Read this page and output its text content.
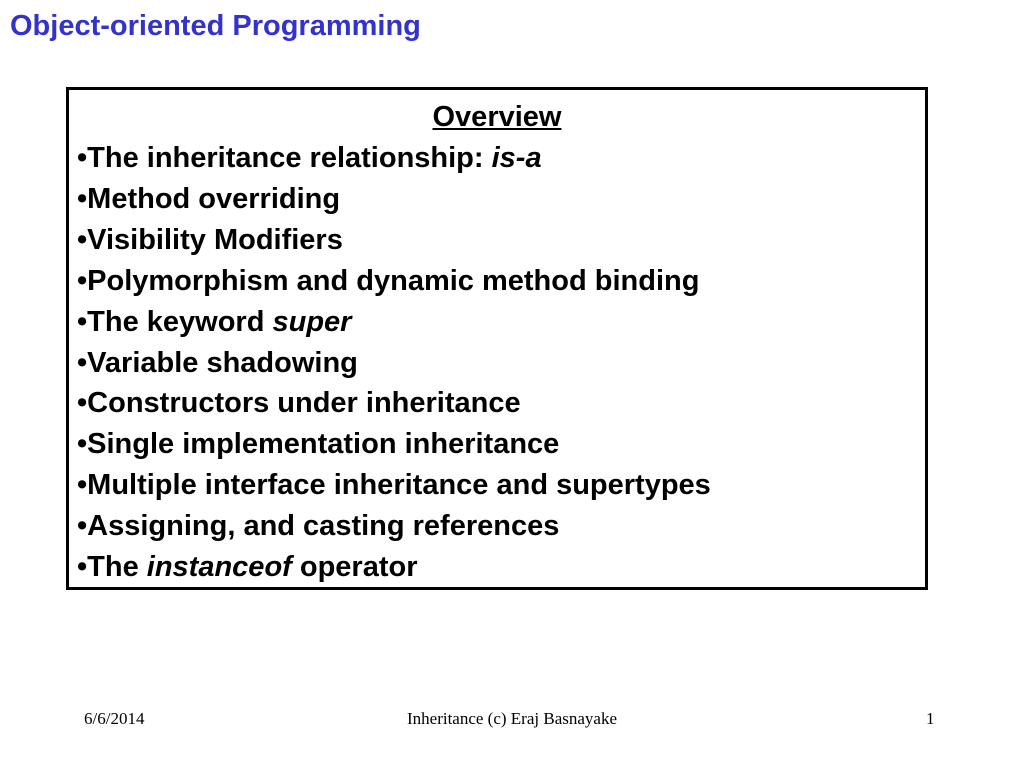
Object-oriented Programming
Overview
•The inheritance relationship: is-a
•Method overriding
•Visibility Modifiers
•Polymorphism and dynamic method binding
•The keyword super
•Variable shadowing
•Constructors under inheritance
•Single implementation inheritance
•Multiple interface inheritance and supertypes
•Assigning, and casting references
•The instanceof operator
6/6/2014	Inheritance (c) Eraj Basnayake	1
